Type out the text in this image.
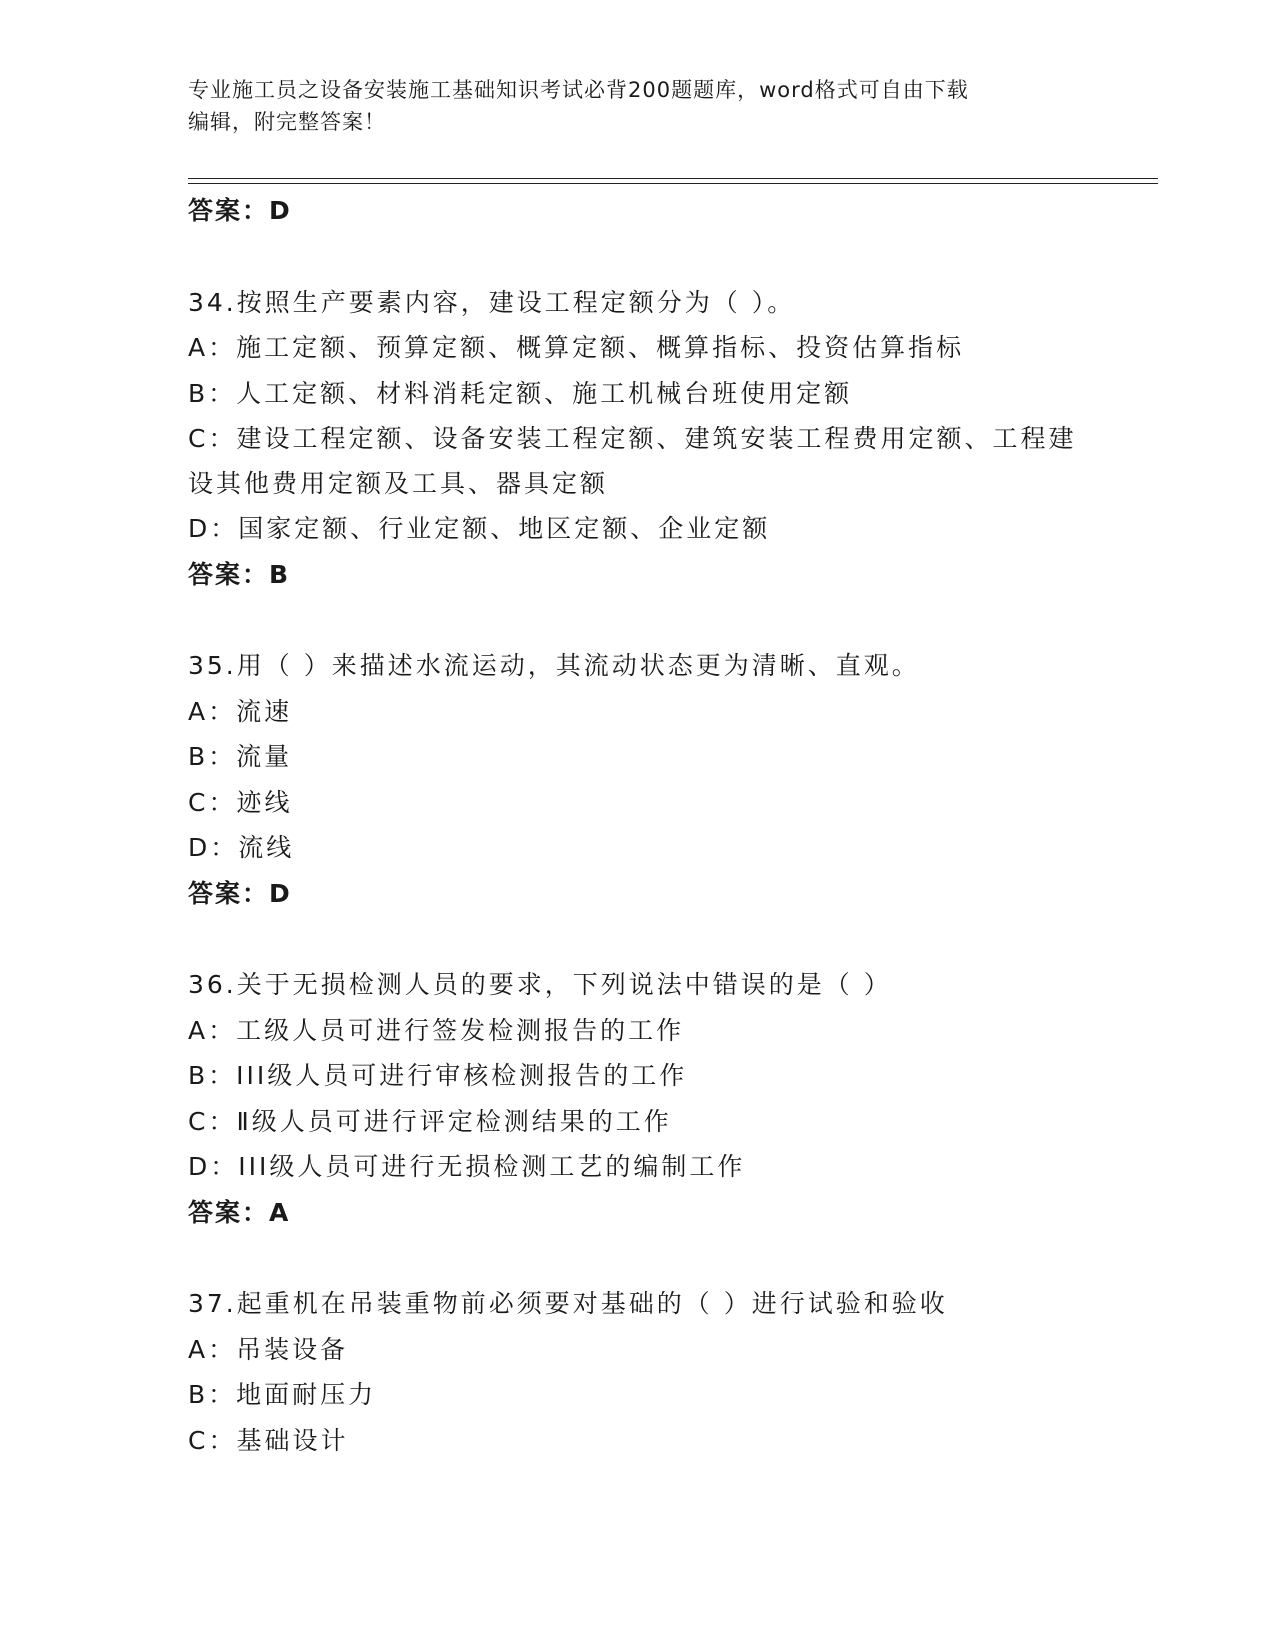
专业施工员之设备安装施工基础知识考试必背200题题库，word格式可自由下载
编辑，附完整答案！
答案：D
34.按照生产要素内容，建设工程定额分为（ ）。
A：施工定额、预算定额、概算定额、概算指标、投资估算指标
B：人工定额、材料消耗定额、施工机械台班使用定额
C：建设工程定额、设备安装工程定额、建筑安装工程费用定额、工程建设其他费用定额及工具、器具定额
D：国家定额、行业定额、地区定额、企业定额
答案：B
35.用（ ）来描述水流运动，其流动状态更为清晰、直观。
A：流速
B：流量
C：迹线
D：流线
答案：D
36.关于无损检测人员的要求，下列说法中错误的是（ ）
A：工级人员可进行签发检测报告的工作
B：III级人员可进行审核检测报告的工作
C：Ⅱ级人员可进行评定检测结果的工作
D：III级人员可进行无损检测工艺的编制工作
答案：A
37.起重机在吊装重物前必须要对基础的（ ）进行试验和验收
A：吊装设备
B：地面耐压力
C：基础设计
